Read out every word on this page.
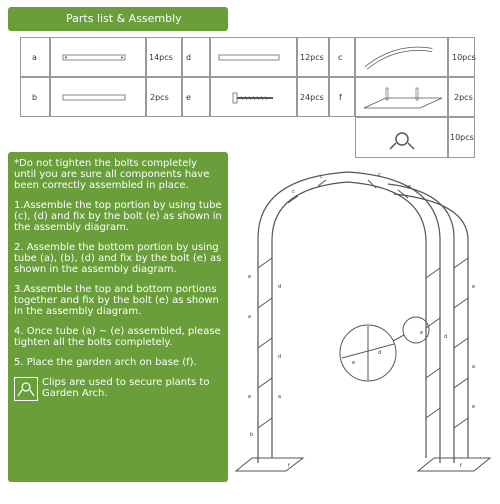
Parts list & Assembly
a	14pcs d	12pcs c	10pcs
b	2pcs e	24pcs f	2pcs
10pcs

*Do not tighten the bolts completely until you are sure all components have been correctly assembled in place.

1.Assemble the top portion by using tube (c), (d) and fix by the bolt (e) as shown in the assembly diagram.

2. Assemble the bottom portion by using tube (a), (b), (d) and fix by the bolt (e) as shown in the assembly diagram.

3.Assemble the top and bottom portions together and fix by the bolt (e) as shown in the assembly diagram.

4. Once tube (a) ~ (e) assembled, please tighten all the bolts completely.

5. Place the garden arch on base (f).

Clips are used to secure plants to Garden Arch.
e
d
a
d
e	a
b
f	f
c
c	c
e
e
d
a
e
d
e
e
